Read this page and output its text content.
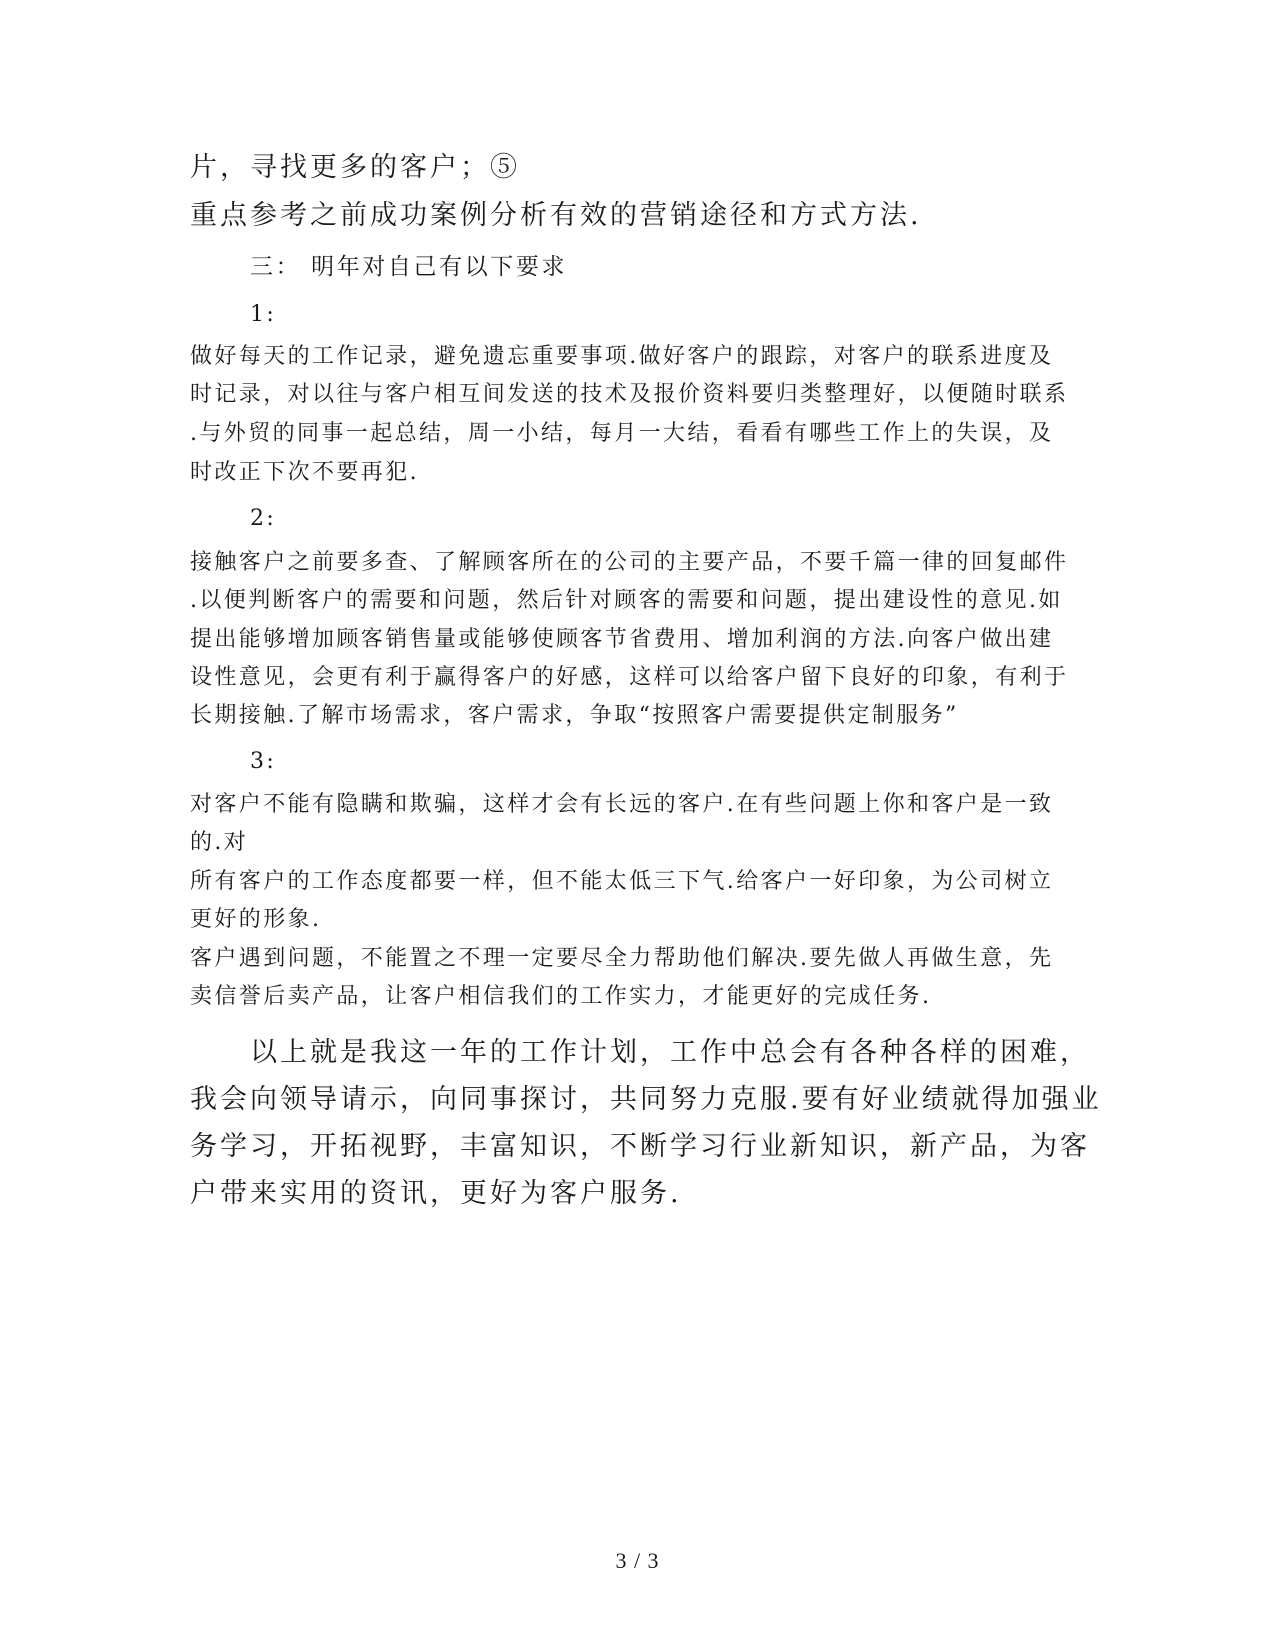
片，寻找更多的客户；⑤
重点参考之前成功案例分析有效的营销途径和方式方法.
三： 明年对自己有以下要求
1:
做好每天的工作记录，避免遗忘重要事项.做好客户的跟踪，对客户的联系进度及
时记录，对以往与客户相互间发送的技术及报价资料要归类整理好，以便随时联系
.与外贸的同事一起总结，周一小结，每月一大结，看看有哪些工作上的失误，及
时改正下次不要再犯.
2:
接触客户之前要多查、了解顾客所在的公司的主要产品，不要千篇一律的回复邮件
.以便判断客户的需要和问题，然后针对顾客的需要和问题，提出建设性的意见.如
提出能够增加顾客销售量或能够使顾客节省费用、增加利润的方法.向客户做出建
设性意见，会更有利于赢得客户的好感，这样可以给客户留下良好的印象，有利于
长期接触.了解市场需求，客户需求，争取“按照客户需要提供定制服务”
3:
对客户不能有隐瞒和欺骗，这样才会有长远的客户.在有些问题上你和客户是一致
的.对
所有客户的工作态度都要一样，但不能太低三下气.给客户一好印象，为公司树立
更好的形象.
客户遇到问题，不能置之不理一定要尽全力帮助他们解决.要先做人再做生意，先
卖信誉后卖产品，让客户相信我们的工作实力，才能更好的完成任务.
以上就是我这一年的工作计划，工作中总会有各种各样的困难，
我会向领导请示，向同事探讨，共同努力克服.要有好业绩就得加强业
务学习，开拓视野，丰富知识，不断学习行业新知识，新产品，为客
户带来实用的资讯，更好为客户服务.
3 / 3
